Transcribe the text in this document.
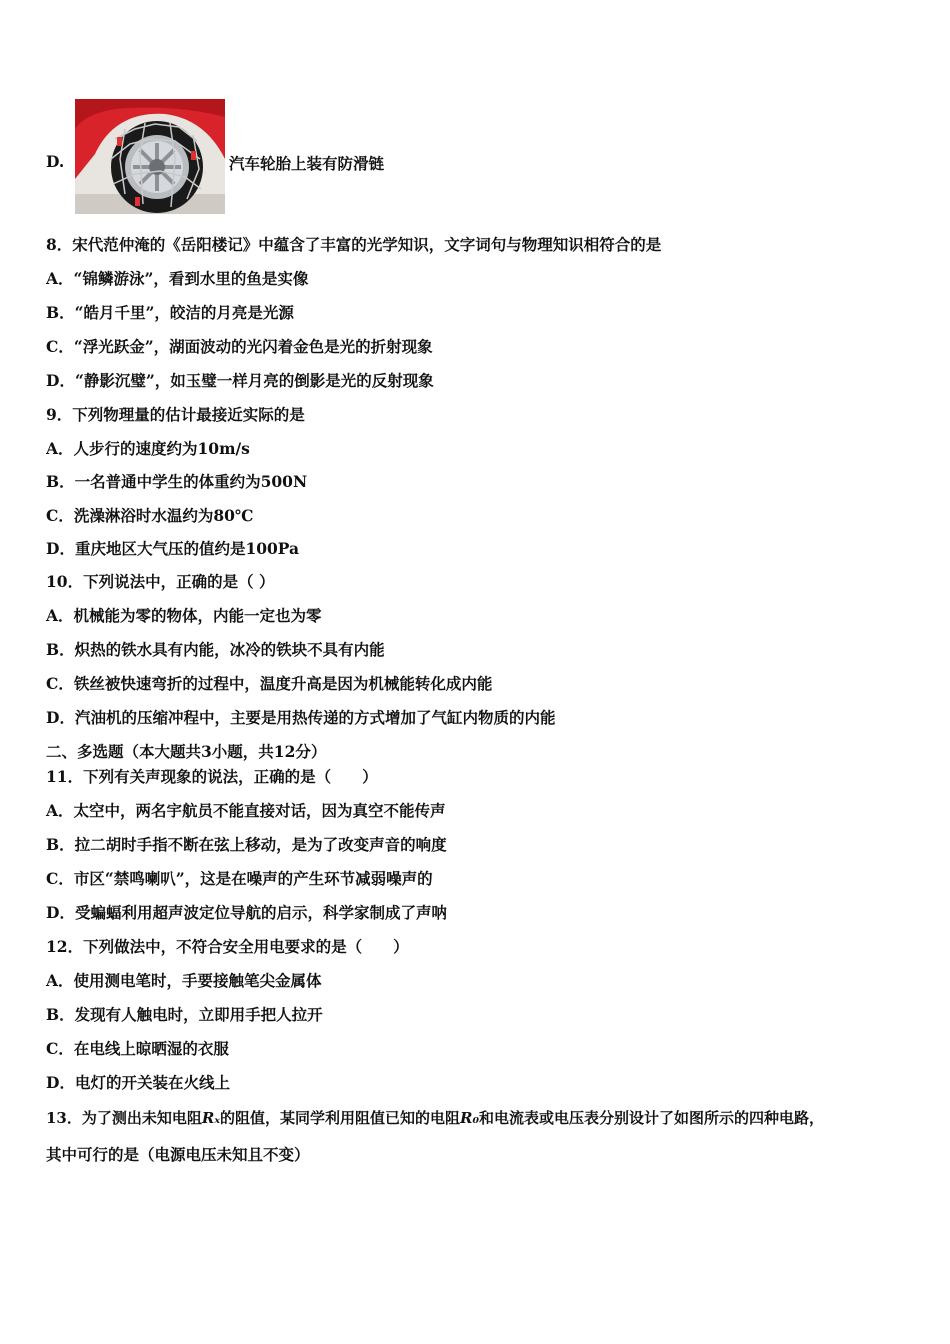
D.	汽车轮胎上装有防滑链
8．宋代范仲淹的《岳阳楼记》中蕴含了丰富的光学知识，文字词句与物理知识相符合的是
A．“锦鳞游泳”，看到水里的鱼是实像
B．“皓月千里”，皎洁的月亮是光源
C．“浮光跃金”，湖面波动的光闪着金色是光的折射现象
D．“静影沉璧”，如玉璧一样月亮的倒影是光的反射现象
9．下列物理量的估计最接近实际的是
A．人步行的速度约为10m/s
B．一名普通中学生的体重约为500N
C．洗澡淋浴时水温约为80℃
D．重庆地区大气压的值约是100Pa
10．下列说法中，正确的是（ ）
A．机械能为零的物体，内能一定也为零
B．炽热的铁水具有内能，冰冷的铁块不具有内能
C．铁丝被快速弯折的过程中，温度升高是因为机械能转化成内能
D．汽油机的压缩冲程中，主要是用热传递的方式增加了气缸内物质的内能
二、多选题（本大题共3小题，共12分）
11．下列有关声现象的说法，正确的是（　　）
A．太空中，两名宇航员不能直接对话，因为真空不能传声
B．拉二胡时手指不断在弦上移动，是为了改变声音的响度
C．市区“禁鸣喇叭”，这是在噪声的产生环节减弱噪声的
D．受蝙蝠利用超声波定位导航的启示，科学家制成了声呐
12．下列做法中，不符合安全用电要求的是（　　）
A．使用测电笔时，手要接触笔尖金属体
B．发现有人触电时，立即用手把人拉开
C．在电线上晾晒湿的衣服
D．电灯的开关装在火线上
13．为了测出未知电阻Rₓ的阻值，某同学利用阻值已知的电阻R₀和电流表或电压表分别设计了如图所示的四种电路，
其中可行的是（电源电压未知且不变）
